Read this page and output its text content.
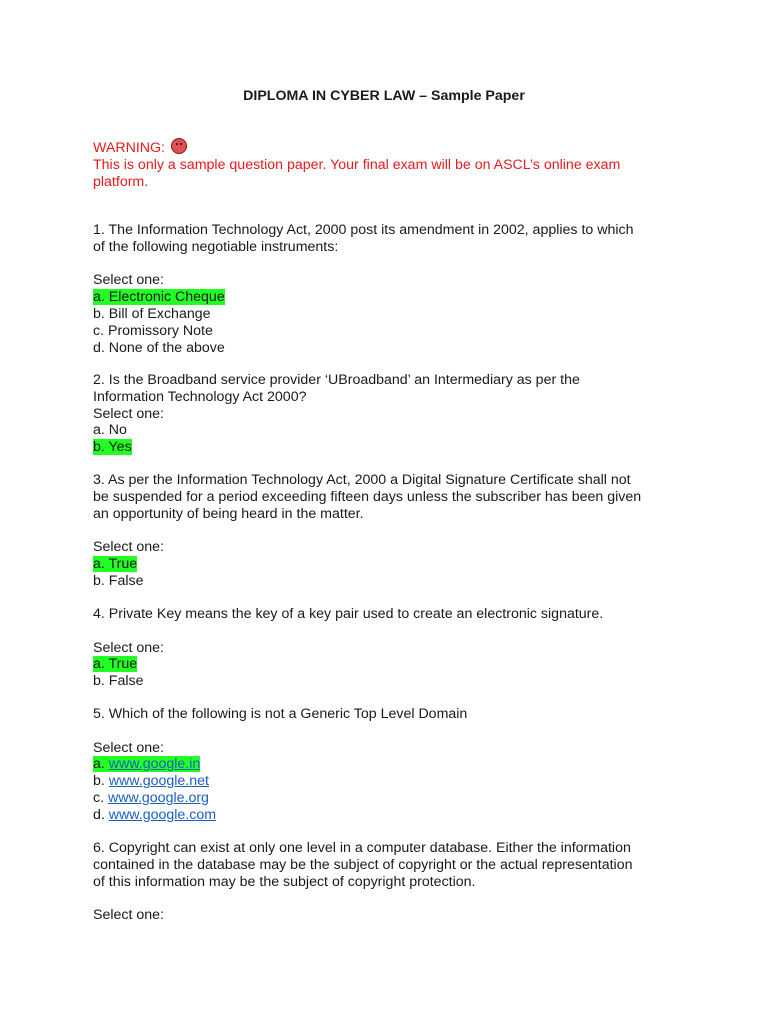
DIPLOMA IN CYBER LAW – Sample Paper
WARNING:
This is only a sample question paper. Your final exam will be on ASCL’s online exam
platform.
1. The Information Technology Act, 2000 post its amendment in 2002, applies to which
of the following negotiable instruments:

Select one:
a. Electronic Cheque
b. Bill of Exchange
c. Promissory Note
d. None of the above
2. Is the Broadband service provider ‘UBroadband’ an Intermediary as per the
Information Technology Act 2000?
Select one:
a. No
b. Yes
3. As per the Information Technology Act, 2000 a Digital Signature Certificate shall not
be suspended for a period exceeding fifteen days unless the subscriber has been given
an opportunity of being heard in the matter.

Select one:
a. True
b. False
4. Private Key means the key of a key pair used to create an electronic signature.

Select one:
a. True
b. False
5. Which of the following is not a Generic Top Level Domain

Select one:
a. www.google.in
b. www.google.net
c. www.google.org
d. www.google.com
6. Copyright can exist at only one level in a computer database. Either the information
contained in the database may be the subject of copyright or the actual representation
of this information may be the subject of copyright protection.

Select one:
